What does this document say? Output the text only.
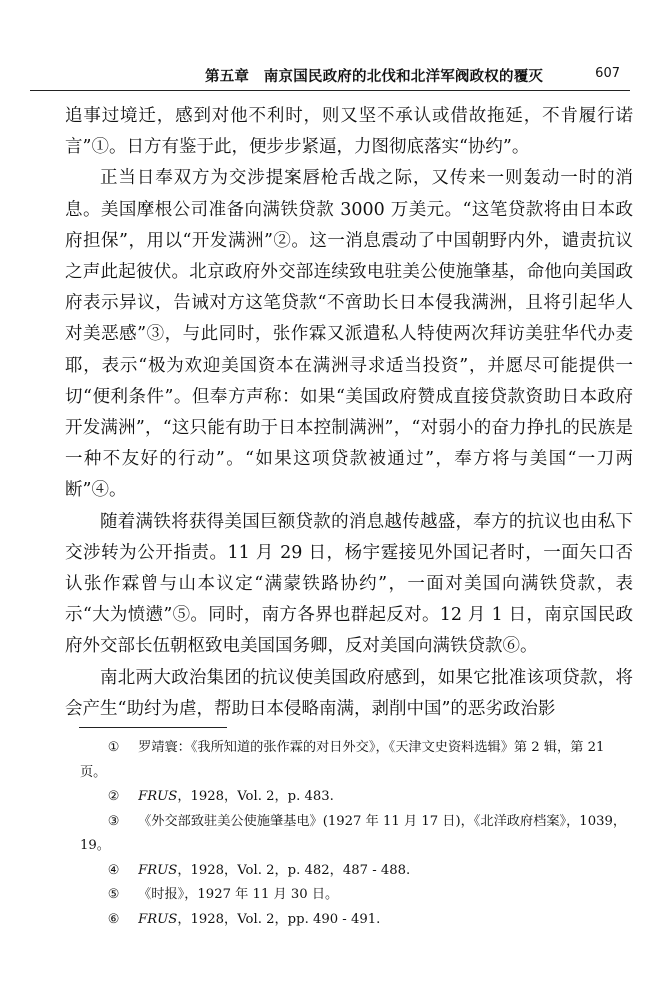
第五章　南京国民政府的北伐和北洋军阀政权的覆灭	607

追事过境迁，感到对他不利时，则又坚不承认或借故拖延，不肯履行诺言”①。日方有鉴于此，便步步紧逼，力图彻底落实“协约”。

正当日奉双方为交涉提案唇枪舌战之际，又传来一则轰动一时的消息。美国摩根公司准备向满铁贷款 3000 万美元。“这笔贷款将由日本政府担保”，用以“开发满洲”②。这一消息震动了中国朝野内外，谴责抗议之声此起彼伏。北京政府外交部连续致电驻美公使施肇基，命他向美国政府表示异议，告诫对方这笔贷款“不啻助长日本侵我满洲，且将引起华人对美恶感”③，与此同时，张作霖又派遣私人特使两次拜访美驻华代办麦耶，表示“极为欢迎美国资本在满洲寻求适当投资”，并愿尽可能提供一切“便利条件”。但奉方声称：如果“美国政府赞成直接贷款资助日本政府开发满洲”，“这只能有助于日本控制满洲”，“对弱小的奋力挣扎的民族是一种不友好的行动”。“如果这项贷款被通过”，奉方将与美国“一刀两断”④。

随着满铁将获得美国巨额贷款的消息越传越盛，奉方的抗议也由私下交涉转为公开指责。11 月 29 日，杨宇霆接见外国记者时，一面矢口否认张作霖曾与山本议定“满蒙铁路协约”，一面对美国向满铁贷款，表示“大为愤懑”⑤。同时，南方各界也群起反对。12 月 1 日，南京国民政府外交部长伍朝枢致电美国国务卿，反对美国向满铁贷款⑥。

南北两大政治集团的抗议使美国政府感到，如果它批准该项贷款，将会产生“助纣为虐，帮助日本侵略南满，剥削中国”的恶劣政治影

① 罗靖寰：《我所知道的张作霖的对日外交》，《天津文史资料选辑》第 2 辑，第 21 页。

② FRUS，1928，Vol. 2，p. 483.

③ 《外交部致驻美公使施肇基电》(1927 年 11 月 17 日)，《北洋政府档案》，1039，19。

④ FRUS，1928，Vol. 2，p. 482，487 - 488.

⑤ 《时报》，1927 年 11 月 30 日。

⑥ FRUS，1928，Vol. 2，pp. 490 - 491.
